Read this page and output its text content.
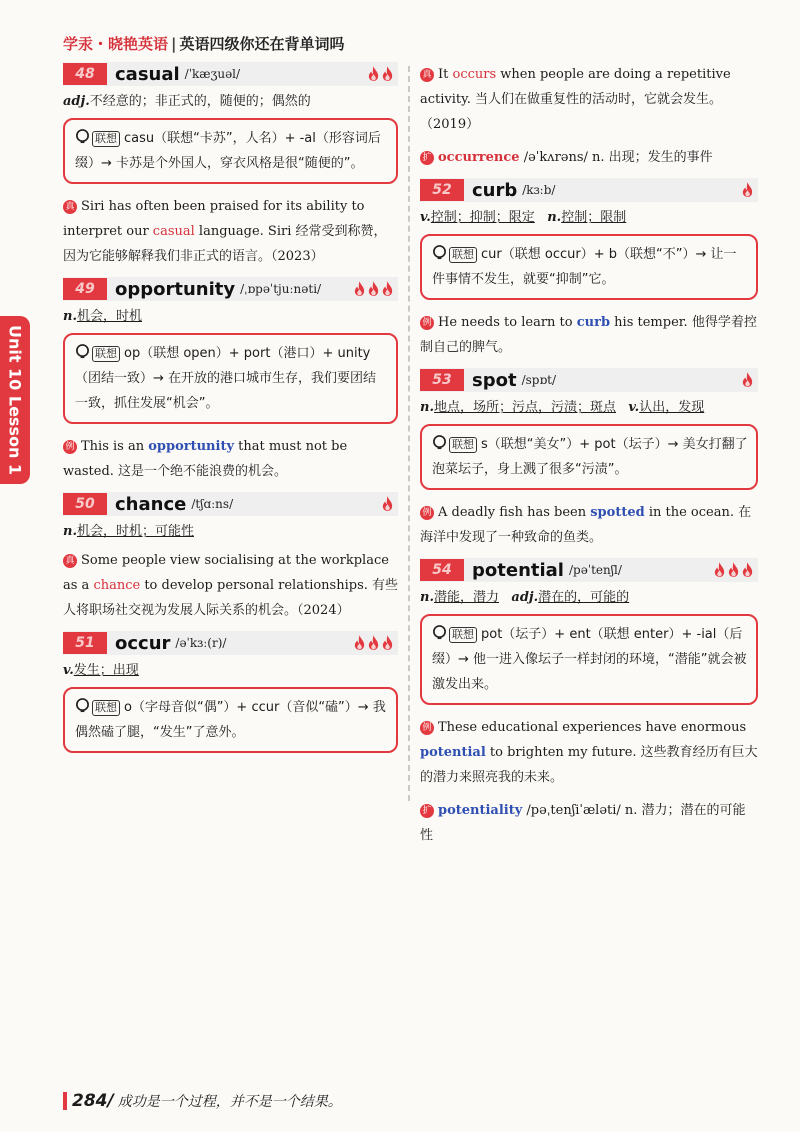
学汞・晓艳英语 | 英语四级你还在背单词吗
Unit 10 Lesson 1
48	casual /ˈkæʒuəl/
adj.不经意的；非正式的，随便的；偶然的
联想 casu（联想“卡苏”，人名）+ -al（形容词后缀）→ 卡苏是个外国人，穿衣风格是很“随便的”。
真 Siri has often been praised for its ability to interpret our casual language. Siri 经常受到称赞，因为它能够解释我们非正式的语言。（2023）
49	opportunity /ˌɒpəˈtjuːnəti/
n.机会，时机
联想 op（联想 open）+ port（港口）+ unity（团结一致）→ 在开放的港口城市生存，我们要团结一致，抓住发展“机会”。
例 This is an opportunity that must not be wasted. 这是一个绝不能浪费的机会。
50	chance /tʃɑːns/
n.机会，时机；可能性
真 Some people view socialising at the workplace as a chance to develop personal relationships. 有些人将职场社交视为发展人际关系的机会。（2024）
51	occur /əˈkɜː(r)/
v.发生；出现
联想 o（字母音似“偶”）+ ccur（音似“磕”）→ 我偶然磕了腿，“发生”了意外。
真 It occurs when people are doing a repetitive activity. 当人们在做重复性的活动时，它就会发生。（2019）
扩 occurrence /əˈkʌrəns/ n. 出现；发生的事件
52	curb /kɜːb/
v.控制；抑制；限定 n.控制；限制
联想 cur（联想 occur）+ b（联想“不”）→ 让一件事情不发生，就要“抑制”它。
例 He needs to learn to curb his temper. 他得学着控制自己的脾气。
53	spot /spɒt/
n.地点，场所；污点，污渍；斑点 v.认出，发现
联想 s（联想“美女”）+ pot（坛子）→ 美女打翻了泡菜坛子，身上溅了很多“污渍”。
例 A deadly fish has been spotted in the ocean. 在海洋中发现了一种致命的鱼类。
54	potential /pəˈtenʃl/
n.潜能，潜力 adj.潜在的，可能的
联想 pot（坛子）+ ent（联想 enter）+ -ial（后缀）→ 他一进入像坛子一样封闭的环境，“潜能”就会被激发出来。
例 These educational experiences have enormous potential to brighten my future. 这些教育经历有巨大的潜力来照亮我的未来。
扩 potentiality /pəˌtenʃiˈæləti/ n. 潜力；潜在的可能性
284/ 成功是一个过程，并不是一个结果。
